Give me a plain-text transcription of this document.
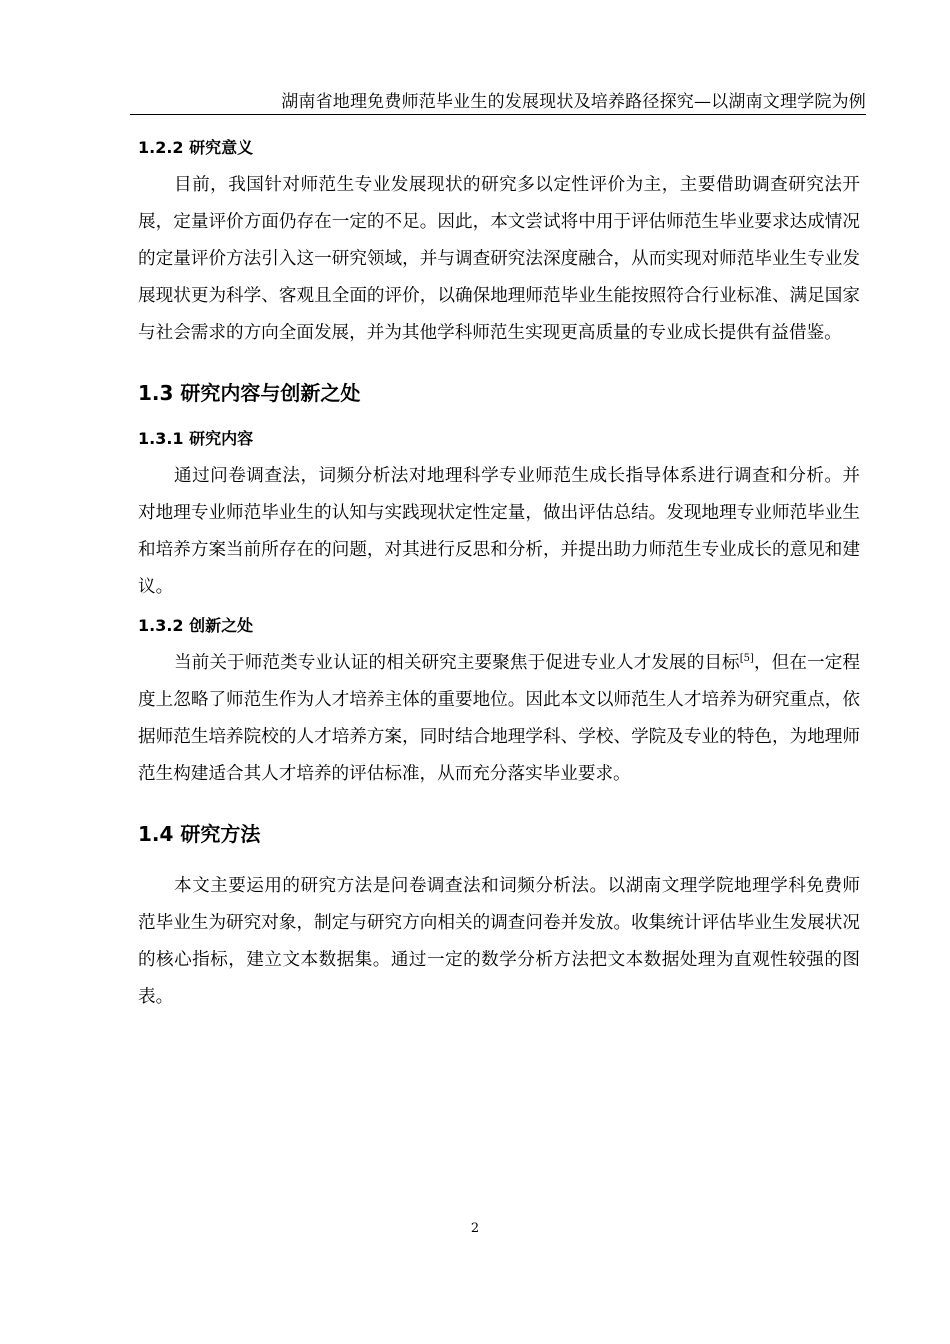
湖南省地理免费师范毕业生的发展现状及培养路径探究—以湖南文理学院为例
1.2.2 研究意义

目前，我国针对师范生专业发展现状的研究多以定性评价为主，主要借助调查研究法开展，定量评价方面仍存在一定的不足。因此，本文尝试将中用于评估师范生毕业要求达成情况的定量评价方法引入这一研究领域，并与调查研究法深度融合，从而实现对师范毕业生专业发展现状更为科学、客观且全面的评价，以确保地理师范毕业生能按照符合行业标准、满足国家与社会需求的方向全面发展，并为其他学科师范生实现更高质量的专业成长提供有益借鉴。

1.3 研究内容与创新之处
1.3.1 研究内容

通过问卷调查法，词频分析法对地理科学专业师范生成长指导体系进行调查和分析。并对地理专业师范毕业生的认知与实践现状定性定量，做出评估总结。发现地理专业师范毕业生和培养方案当前所存在的问题，对其进行反思和分析，并提出助力师范生专业成长的意见和建议。

1.3.2 创新之处

当前关于师范类专业认证的相关研究主要聚焦于促进专业人才发展的目标[5]，但在一定程度上忽略了师范生作为人才培养主体的重要地位。因此本文以师范生人才培养为研究重点，依据师范生培养院校的人才培养方案，同时结合地理学科、学校、学院及专业的特色，为地理师范生构建适合其人才培养的评估标准，从而充分落实毕业要求。

1.4 研究方法

本文主要运用的研究方法是问卷调查法和词频分析法。以湖南文理学院地理学科免费师范毕业生为研究对象，制定与研究方向相关的调查问卷并发放。收集统计评估毕业生发展状况的核心指标，建立文本数据集。通过一定的数学分析方法把文本数据处理为直观性较强的图表。

2
